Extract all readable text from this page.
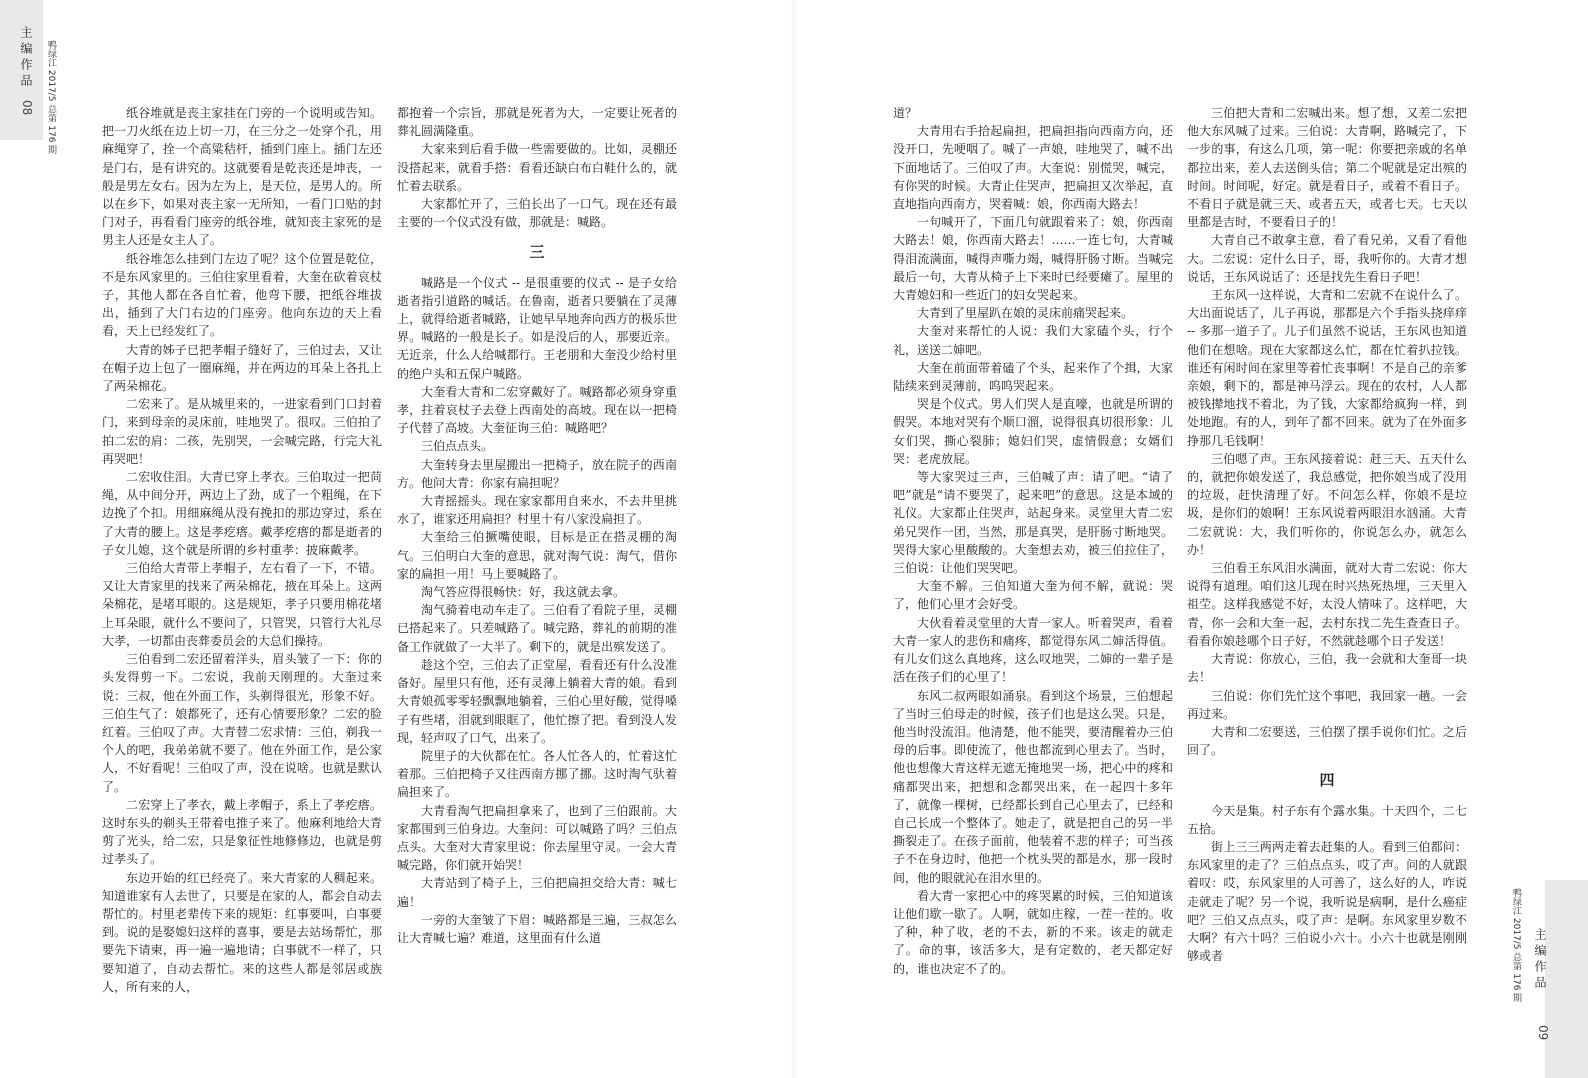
主编作品
08 鸭绿江 2017/5 总第 176 期
鸭绿江 2017/5 总第 176 期 主编作品
09

纸谷堆就是丧主家挂在门旁的一个说明或告知。把一刀火纸在边上切一刀，在三分之一处穿个孔，用麻绳穿了，拴一个高粱秸杆，插到门座上。插门左还是门右，是有讲究的。这就要看是乾丧还是坤丧，一般是男左女右。因为左为上，是天位，是男人的。所以在乡下，如果对丧主家一无所知，一看门口贴的封门对子，再看看门座旁的纸谷堆，就知丧主家死的是男主人还是女主人了。

纸谷堆怎么挂到门左边了呢？这个位置是乾位，不是东风家里的。三伯往家里看着，大奎在砍着哀杖子，其他人都在各自忙着，他弯下腰，把纸谷堆拔出，插到了大门右边的门座旁。他向东边的天上看看，天上已经发红了。

大青的姊子已把孝帽子缝好了，三伯过去，又让在帽子边上包了一圈麻绳，并在两边的耳朵上各扎上了两朵棉花。

二宏来了。是从城里来的，一进家看到门口封着门，来到母亲的灵床前，哇地哭了。很叹。三伯拍了拍二宏的肩：二孩，先别哭，一会喊完路，行完大礼再哭吧！

二宏收住泪。大青已穿上孝衣。三伯取过一把苘绳，从中间分开，两边上了劲，成了一个粗绳，在下边挽了个扣。用细麻绳从没有挽扣的那边穿过，系在了大青的腰上。这是孝疙瘩。戴孝疙瘩的都是逝者的子女儿媳，这个就是所谓的乡村重孝：披麻戴孝。

三伯给大青带上孝帽子，左右看了一下，不错。又让大青家里的找来了两朵棉花，掖在耳朵上。这两朵棉花，是堵耳眼的。这是规矩，孝子只要用棉花堵上耳朵眼，就什么不要问了，只管哭，只管行大礼尽大孝，一切都由丧葬委员会的大总们操持。

三伯看到二宏还留着洋头，眉头皱了一下：你的头发得剪一下。二宏说，我前天刚理的。大奎过来说：三叔，他在外面工作，头剃得很光，形象不好。三伯生气了：娘都死了，还有心情要形象？二宏的脸红着。三伯叹了声。大青替二宏求情：三伯，剃我一个人的吧，我弟弟就不要了。他在外面工作，是公家人，不好看呢！三伯叹了声，没在说啥。也就是默认了。

二宏穿上了孝衣，戴上孝帽子，系上了孝疙瘩。这时东头的剃头王带着电推子来了。他麻利地给大青剪了光头，给二宏，只是象征性地修修边，也就是剪过孝头了。

东边开始的红已经亮了。来大青家的人稠起来。知道谁家有人去世了，只要是在家的人，都会自动去帮忙的。村里老辈传下来的规矩：红事要叫，白事要到。说的是娶媳妇这样的喜事，要是去站场帮忙，那要先下请柬，再一遍一遍地请；白事就不一样了，只要知道了，自动去帮忙。来的这些人都是邻居或族人，所有来的人，

都抱着一个宗旨，那就是死者为大，一定要让死者的葬礼圆满隆重。

大家来到后看手做一些需要做的。比如，灵棚还没搭起来，就看手搭：看看还缺白布白鞋什么的，就忙着去联系。

大家都忙开了，三伯长出了一口气。现在还有最主要的一个仪式没有做，那就是：喊路。

三

喊路是一个仪式 -- 是很重要的仪式 -- 是子女给逝者指引道路的喊话。在鲁南，逝者只要躺在了灵薄上，就得给逝者喊路，让她早早地奔向西方的极乐世界。喊路的一般是长子。如是没后的人，那要近亲。无近亲，什么人给喊都行。王老朋和大奎没少给村里的绝户头和五保户喊路。

大奎看大青和二宏穿戴好了。喊路都必须身穿重孝，拄着哀杖子去登上西南处的高坡。现在以一把椅子代替了高坡。大奎征询三伯：喊路吧？

三伯点点头。

大奎转身去里屋搬出一把椅子，放在院子的西南方。他问大青：你家有扁担呢？

大青摇摇头。现在家家都用自来水，不去井里挑水了，谁家还用扁担？村里十有八家没扁担了。

大奎给三伯撅嘴使眼，目标是正在搭灵棚的淘气。三伯明白大奎的意思，就对淘气说：淘气，借你家的扁担一用！马上要喊路了。

淘气答应得很畅快：好，我这就去拿。

淘气骑着电动车走了。三伯看了看院子里，灵棚已搭起来了。只差喊路了。喊完路，葬礼的前期的准备工作就做了一大半了。剩下的，就是出殡发送了。

趁这个空，三伯去了正堂屋，看看还有什么没准备好。屋里只有他，还有灵薄上躺着大青的娘。看到大青娘孤零零轻飘飘地躺着，三伯心里好酸，觉得嗓子有些堵，泪就到眼眶了，他忙擦了把。看到没人发现，轻声叹了口气，出来了。

院里子的大伙都在忙。各人忙各人的，忙着这忙着那。三伯把椅子又往西南方挪了挪。这时淘气驮着扁担来了。

大青看淘气把扁担拿来了，也到了三伯跟前。大家都围到三伯身边。大奎问：可以喊路了吗？三伯点点头。大奎对大青家里说：你去屋里守灵。一会大青喊完路，你们就开始哭！

大青站到了椅子上，三伯把扁担交给大青：喊七遍！

一旁的大奎皱了下眉：喊路都是三遍，三叔怎么让大青喊七遍？难道，这里面有什么道

道？

大青用右手拾起扁担，把扁担指向西南方向，还没开口，先哽咽了。喊了一声娘，哇地哭了，喊不出下面地话了。三伯叹了声。大奎说：别慌哭，喊完，有你哭的时候。大青止住哭声，把扁担又次举起，直直地指向西南方，哭着喊：娘，你西南大路去！

一句喊开了，下面几句就跟着来了：娘，你西南大路去！娘，你西南大路去！……一连七句，大青喊得泪流满面，喊得声嘶力竭，喊得肝肠寸断。当喊完最后一句，大青从椅子上下来时已经要瘫了。屋里的大青媳妇和一些近门的妇女哭起来。

大青到了里屋趴在娘的灵床前痛哭起来。

大奎对来帮忙的人说：我们大家磕个头，行个礼，送送二婶吧。

大奎在前面带着磕了个头，起来作了个揖，大家陆续来到灵薄前，呜呜哭起来。

哭是个仪式。男人们哭人是直嚎，也就是所谓的假哭。本地对哭有个顺口溜，说得很真切很形象：儿女们哭，撕心裂肺；媳妇们哭，虚情假意；女婿们哭：老虎放屁。

等大家哭过三声，三伯喊了声：请了吧。“请了吧”就是“请不要哭了，起来吧”的意思。这是本域的礼仪。大家都止住哭声，站起身来。灵堂里大青二宏弟兄哭作一团，当然，那是真哭，是肝肠寸断地哭。哭得大家心里酸酸的。大奎想去劝，被三伯拉住了，三伯说：让他们哭哭吧。

大奎不解。三伯知道大奎为何不解，就说：哭了，他们心里才会好受。

大伙看着灵堂里的大青一家人。听着哭声，看着大青一家人的悲伤和痛疼，都觉得东风二婶活得值。有儿女们这么真地疼，这么叹地哭，二婶的一辈子是活在孩子们的心里了！

东风二叔两眼如涌泉。看到这个场景，三伯想起了当时三伯母走的时候，孩子们也是这么哭。只是，他当时没流泪。他清楚，他不能哭，要清醒着办三伯母的后事。即使流了，他也都流到心里去了。当时，他也想像大青这样无遮无掩地哭一场，把心中的疼和痛都哭出来，把想和念都哭出来，在一起四十多年了，就像一棵树，已经都长到自己心里去了，已经和自己长成一个整体了。她走了，就是把自己的另一半撕裂走了。在孩子面前，他装着不悲的样子；可当孩子不在身边时，他把一个枕头哭的都是水，那一段时间，他的眼就沁在泪水里的。

看大青一家把心中的疼哭累的时候，三伯知道该让他们歇一歇了。人啊，就如庄稼，一茬一茬的。收了种，种了收，老的不去，新的不来。该走的就走了。命的事，该活多大，是有定数的，老天都定好的，谁也决定不了的。

三伯把大青和二宏喊出来。想了想，又差二宏把他大东风喊了过来。三伯说：大青啊，路喊完了，下一步的事，有这么几项，第一呢：你要把亲戚的名单都拉出来，差人去送倒头信；第二个呢就是定出殡的时间。时间呢，好定。就是看日子，或着不看日子。不看日子就是就三天、或者五天，或者七天。七天以里都是吉时，不要看日子的！

大青自己不敢拿主意，看了看兄弟，又看了看他大。二宏说：定什么日子，哥，我听你的。大青才想说话，王东风说话了：还是找先生看日子吧！

王东风一这样说，大青和二宏就不在说什么了。大出面说话了，儿子再说，那都是六个手指头挠痒痒 -- 多那一道子了。儿子们虽然不说话，王东风也知道他们在想啥。现在大家都这么忙，都在忙着扒拉钱。谁还有闲时间在家里等着忙丧事啊！不是自己的亲爹亲娘，剩下的，都是神马浮云。现在的农村，人人都被钱撵地找不着北，为了钱，大家都给疯狗一样，到处地跑。有的人，到年了都不回来。就为了在外面多挣那几毛钱啊！

三伯嗯了声。王东风接着说：赶三天、五天什么的，就把你娘发送了，我总感觉，把你娘当成了没用的垃圾，赶快清理了好。不问怎么样，你娘不是垃圾，是你们的娘啊！王东风说着两眼泪水汹涌。大青二宏就说：大，我们听你的，你说怎么办，就怎么办！

三伯看王东风泪水满面，就对大青二宏说：你大说得有道理。咱们这儿现在时兴热死热埋，三天里入祖茔。这样我感觉不好，太没人情味了。这样吧，大青，你一会和大奎一起，去村东找二先生查查日子。看看你娘趁哪个日子好，不然就趁哪个日子发送！

大青说：你放心，三伯，我一会就和大奎哥一块去！

三伯说：你们先忙这个事吧，我回家一趟。一会再过来。

大青和二宏要送，三伯摆了摆手说你们忙。之后回了。

四

今天是集。村子东有个露水集。十天四个，二七五拾。

街上三三两两走着去赶集的人。看到三伯都问：东风家里的走了？三伯点点头，哎了声。问的人就跟着叹：哎，东风家里的人可善了，这么好的人，咋说走就走了呢？另一个说，我听说是病啊，是什么癌症吧？三伯又点点头，哎了声：是啊。东风家里岁数不大啊？有六十吗？三伯说小六十。小六十也就是刚刚够或者
